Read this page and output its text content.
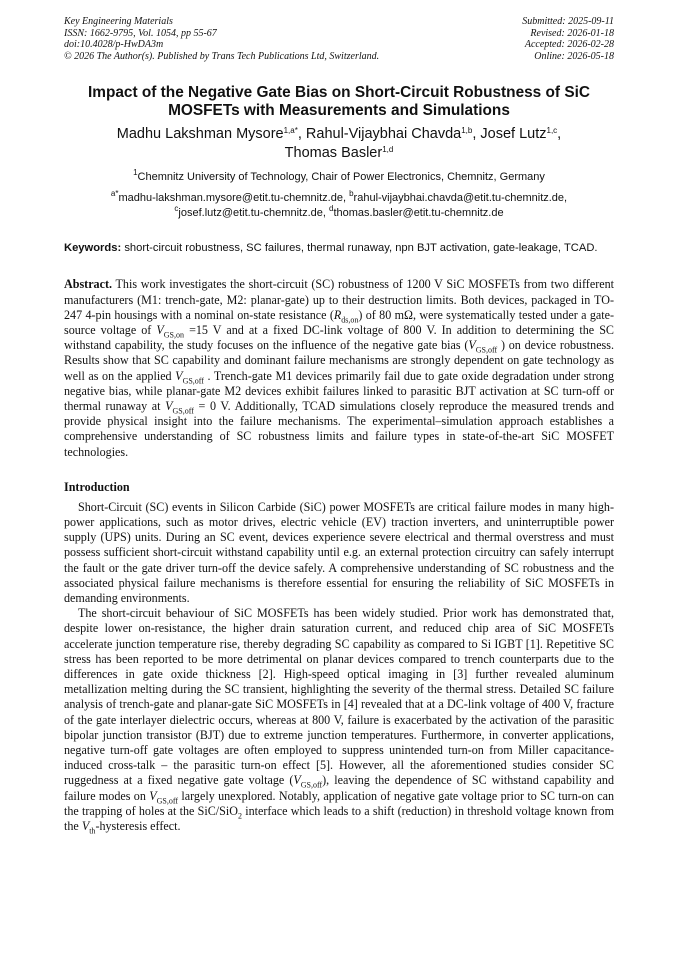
Key Engineering Materials
ISSN: 1662-9795, Vol. 1054, pp 55-67
doi:10.4028/p-HwDA3m
© 2026 The Author(s). Published by Trans Tech Publications Ltd, Switzerland.
Submitted: 2025-09-11
Revised: 2026-01-18
Accepted: 2026-02-28
Online: 2026-05-18
Impact of the Negative Gate Bias on Short-Circuit Robustness of SiC
MOSFETs with Measurements and Simulations
Madhu Lakshman Mysore$^{1,a*}$, Rahul-Vijaybhai Chavda$^{1,b}$, Josef Lutz$^{1,c}$,
Thomas Basler$^{1,d}$
$^1$Chemnitz University of Technology, Chair of Power Electronics, Chemnitz, Germany
$^{a*}$madhu-lakshman.mysore@etit.tu-chemnitz.de, $^b$rahul-vijaybhai.chavda@etit.tu-chemnitz.de,
$^c$josef.lutz@etit.tu-chemnitz.de, $^d$thomas.basler@etit.tu-chemnitz.de
Keywords: short-circuit robustness, SC failures, thermal runaway, npn BJT activation, gate-leakage, TCAD.
Abstract. This work investigates the short-circuit (SC) robustness of 1200 V SiC MOSFETs from two different manufacturers (M1: trench-gate, M2: planar-gate) up to their destruction limits. Both devices, packaged in TO-247 4-pin housings with a nominal on-state resistance $(R_{ds,on})$ of 80 mΩ, were systematically tested under a gate-source voltage of $V_{GS,on} =15$ V and at a fixed DC-link voltage of 800 V. In addition to determining the SC withstand capability, the study focuses on the influence of the negative gate bias ($V_{GS,off}$ ) on device robustness. Results show that SC capability and dominant failure mechanisms are strongly dependent on gate technology as well as on the applied $V_{GS,off}$ . Trench-gate M1 devices primarily fail due to gate oxide degradation under strong negative bias, while planar-gate M2 devices exhibit failures linked to parasitic BJT activation at SC turn-off or thermal runaway at $V_{GS,off} = 0$ V. Additionally, TCAD simulations closely reproduce the measured trends and provide physical insight into the failure mechanisms. The experimental–simulation approach establishes a comprehensive understanding of SC robustness limits and failure types in state-of-the-art SiC MOSFET technologies.
Introduction

Short-Circuit (SC) events in Silicon Carbide (SiC) power MOSFETs are critical failure modes in many high-power applications, such as motor drives, electric vehicle (EV) traction inverters, and uninterruptible power supply (UPS) units. During an SC event, devices experience severe electrical and thermal overstress and must possess sufficient short-circuit withstand capability until e.g. an external protection circuitry can safely interrupt the fault or the gate driver turn-off the device safely. A comprehensive understanding of SC robustness and the associated physical failure mechanisms is therefore essential for ensuring the reliability of SiC MOSFETs in demanding environments.

The short-circuit behaviour of SiC MOSFETs has been widely studied. Prior work has demonstrated that, despite lower on-resistance, the higher drain saturation current, and reduced chip area of SiC MOSFETs accelerate junction temperature rise, thereby degrading SC capability as compared to Si IGBT [1]. Repetitive SC stress has been reported to be more detrimental on planar devices compared to trench counterparts due to the differences in gate oxide thickness [2]. High-speed optical imaging in [3] further revealed aluminum metallization melting during the SC transient, highlighting the severity of the thermal stress. Detailed SC failure analysis of trench-gate and planar-gate SiC MOSFETs in [4] revealed that at a DC-link voltage of 400 V, fracture of the gate interlayer dielectric occurs, whereas at 800 V, failure is exacerbated by the activation of the parasitic bipolar junction transistor (BJT) due to extreme junction temperatures. Furthermore, in converter applications, negative turn-off gate voltages are often employed to suppress unintended turn-on from Miller capacitance-induced cross-talk – the parasitic turn-on effect [5]. However, all the aforementioned studies consider SC ruggedness at a fixed negative gate voltage $(V_{GS,off})$, leaving the dependence of SC withstand capability and failure modes on $V_{GS,off}$ largely unexplored. Notably, application of negative gate voltage prior to SC turn-on can the trapping of holes at the SiC/SiO$_2$ interface which leads to a shift (reduction) in threshold voltage known from the $V_{th}$-hysteresis effect.
